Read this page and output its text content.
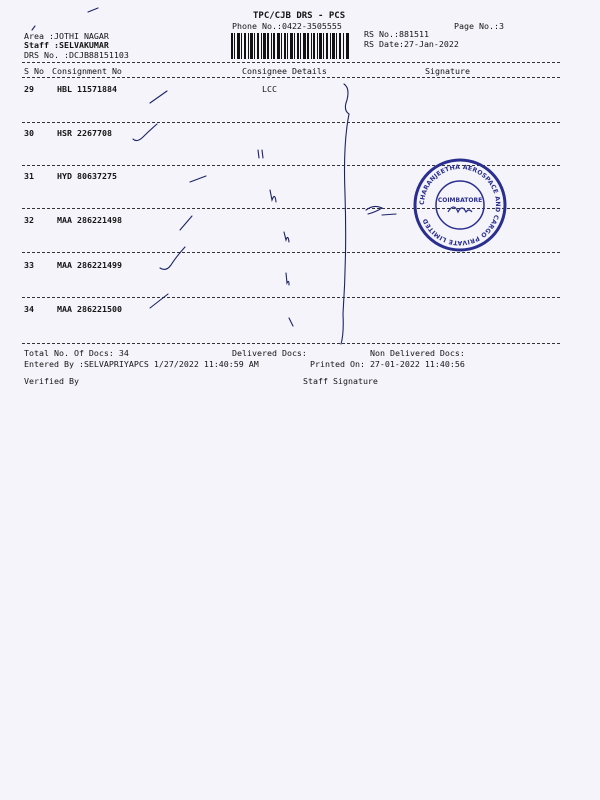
TPC/CJB DRS - PCS
Phone No.:0422-3505555	Page No.:3
Area :JOTHI NAGAR
Staff :SELVAKUMAR
DRS No. :DCJB88151103
RS No.:881511
RS Date:27-Jan-2022
S No Consignment No	Consignee Details	Signature
29	HBL 11571884	LCC
30	HSR 2267708
31	HYD 80637275
32	MAA 286221498
33	MAA 286221499
34	MAA 286221500
Total No. Of Docs: 34	Delivered Docs:	Non Delivered Docs:
Entered By :SELVAPRIYAPCS 1/27/2022 11:40:59 AM	Printed On: 27-01-2022 11:40:56
Verified By	Staff Signature
CHARANJEETHA AEROSPACE AND CARGO PRIVATE LIMITED
COIMBATORE
